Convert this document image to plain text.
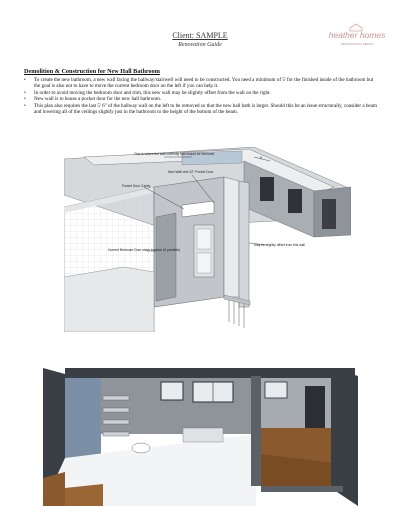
Client: SAMPLE
Renovation Guide
heather homes
RENOVATIONS & DESIGN
Demolition & Construction for New Hall Bathroom
• To create the new bathroom, a new wall facing the hallway/stairwell will need to be constructed. You need a minimum of 5' for the finished inside of the bathroom but the goal is also not to have to move the current bedroom door on the left if you can help it.
• In order to avoid moving the bedroom door and trim, this new wall may be slightly offset from the wall on the right.
• New wall is to house a pocket door for the new hall bathroom.
• This plan also requires the last 5' 6" of the hallway wall on the left to be removed so that the new hall bath is larger. Should this be an issue structurally, consider a beam and lowering all of the ceilings slightly just in the bathroom to the height of the bottom of the beam.
This is where the wall currently has should be removed.
Pocket Door Cavity
New Wall with 32" Pocket Door
May be slightly offset from this wall
Current Bedroom Door stays in place (if possible)
5'
